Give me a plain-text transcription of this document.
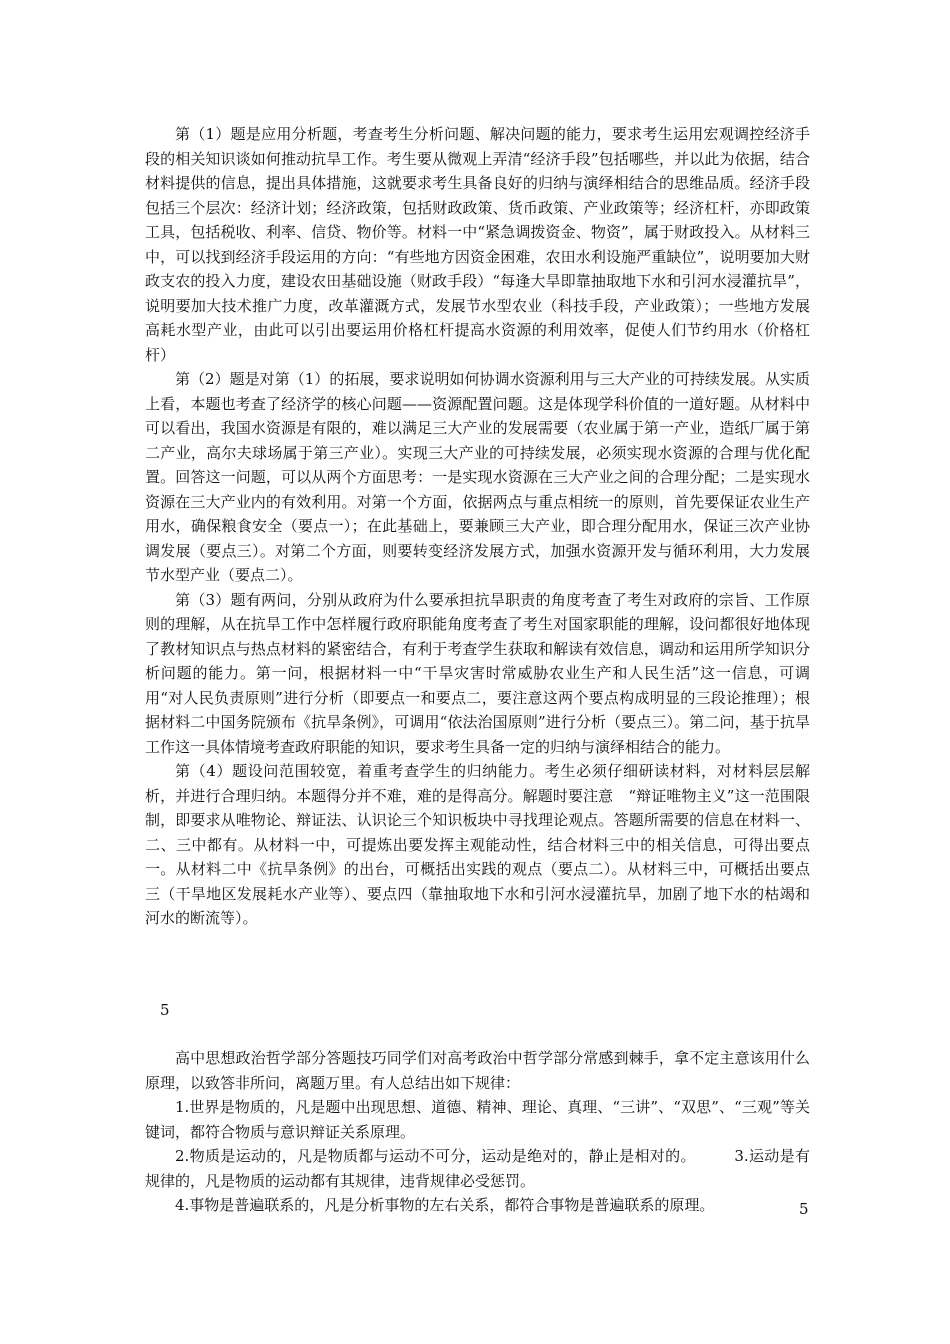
第（1）题是应用分析题，考查考生分析问题、解决问题的能力，要求考生运用宏观调控经济手段的相关知识谈如何推动抗旱工作。考生要从微观上弄清“经济手段”包括哪些，并以此为依据，结合材料提供的信息，提出具体措施，这就要求考生具备良好的归纳与演绎相结合的思维品质。经济手段包括三个层次：经济计划；经济政策，包括财政政策、货币政策、产业政策等；经济杠杆，亦即政策工具，包括税收、利率、信贷、物价等。材料一中“紧急调拨资金、物资”，属于财政投入。从材料三中，可以找到经济手段运用的方向：“有些地方因资金困难，农田水利设施严重缺位”，说明要加大财政支农的投入力度，建设农田基础设施（财政手段）“每逢大旱即靠抽取地下水和引河水浸灌抗旱”，说明要加大技术推广力度，改革灌溉方式，发展节水型农业（科技手段，产业政策）；一些地方发展高耗水型产业，由此可以引出要运用价格杠杆提高水资源的利用效率，促使人们节约用水（价格杠杆）

第（2）题是对第（1）的拓展，要求说明如何协调水资源利用与三大产业的可持续发展。从实质上看，本题也考查了经济学的核心问题——资源配置问题。这是体现学科价值的一道好题。从材料中可以看出，我国水资源是有限的，难以满足三大产业的发展需要（农业属于第一产业，造纸厂属于第二产业，高尔夫球场属于第三产业）。实现三大产业的可持续发展，必须实现水资源的合理与优化配置。回答这一问题，可以从两个方面思考：一是实现水资源在三大产业之间的合理分配；二是实现水资源在三大产业内的有效利用。对第一个方面，依据两点与重点相统一的原则，首先要保证农业生产用水，确保粮食安全（要点一）；在此基础上，要兼顾三大产业，即合理分配用水，保证三次产业协调发展（要点三）。对第二个方面，则要转变经济发展方式，加强水资源开发与循环利用，大力发展节水型产业（要点二）。

第（3）题有两问，分别从政府为什么要承担抗旱职责的角度考查了考生对政府的宗旨、工作原则的理解，从在抗旱工作中怎样履行政府职能角度考查了考生对国家职能的理解，设问都很好地体现了教材知识点与热点材料的紧密结合，有利于考查学生获取和解读有效信息，调动和运用所学知识分析问题的能力。第一问，根据材料一中“干旱灾害时常威胁农业生产和人民生活”这一信息，可调用“对人民负责原则”进行分析（即要点一和要点二，要注意这两个要点构成明显的三段论推理）；根据材料二中国务院颁布《抗旱条例》，可调用“依法治国原则”进行分析（要点三）。第二问，基于抗旱工作这一具体情境考查政府职能的知识，要求考生具备一定的归纳与演绎相结合的能力。

第（4）题设问范围较宽，着重考查学生的归纳能力。考生必须仔细研读材料，对材料层层解析，并进行合理归纳。本题得分并不难，难的是得高分。解题时要注意　“辩证唯物主义”这一范围限制，即要求从唯物论、辩证法、认识论三个知识板块中寻找理论观点。答题所需要的信息在材料一、二、三中都有。从材料一中，可提炼出要发挥主观能动性，结合材料三中的相关信息，可得出要点一。从材料二中《抗旱条例》的出台，可概括出实践的观点（要点二）。从材料三中，可概括出要点三（干旱地区发展耗水产业等）、要点四（靠抽取地下水和引河水浸灌抗旱，加剧了地下水的枯竭和河水的断流等）。

5

高中思想政治哲学部分答题技巧同学们对高考政治中哲学部分常感到棘手，拿不定主意该用什么原理，以致答非所问，离题万里。有人总结出如下规律：

1.世界是物质的，凡是题中出现思想、道德、精神、理论、真理、“三讲”、“双思”、“三观”等关键词，都符合物质与意识辩证关系原理。

2.物质是运动的，凡是物质都与运动不可分，运动是绝对的，静止是相对的。　　　3.运动是有规律的，凡是物质的运动都有其规律，违背规律必受惩罚。

4.事物是普遍联系的，凡是分析事物的左右关系，都符合事物是普遍联系的原理。	5
